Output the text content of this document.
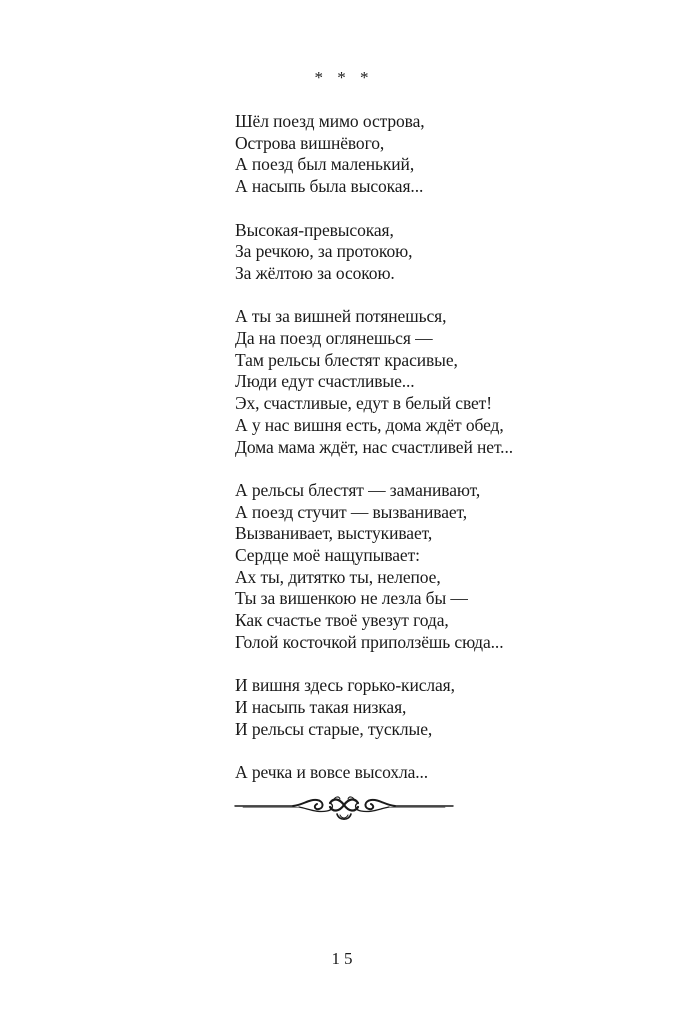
* * *
Шёл поезд мимо острова,
Острова вишнёвого,
А поезд был маленький,
А насыпь была высокая...
Высокая-превысокая,
За речкою, за протокою,
За жёлтою за осокою.
А ты за вишней потянешься,
Да на поезд оглянешься —
Там рельсы блестят красивые,
Люди едут счастливые...
Эх, счастливые, едут в белый свет!
А у нас вишня есть, дома ждёт обед,
Дома мама ждёт, нас счастливей нет...
А рельсы блестят — заманивают,
А поезд стучит — вызванивает,
Вызванивает, выстукивает,
Сердце моё нащупывает:
Ах ты, дитятко ты, нелепое,
Ты за вишенкою не лезла бы —
Как счастье твоё увезут года,
Голой косточкой приползёшь сюда...
И вишня здесь горько-кислая,
И насыпь такая низкая,
И рельсы старые, тусклые,
А речка и вовсе высохла...
15
